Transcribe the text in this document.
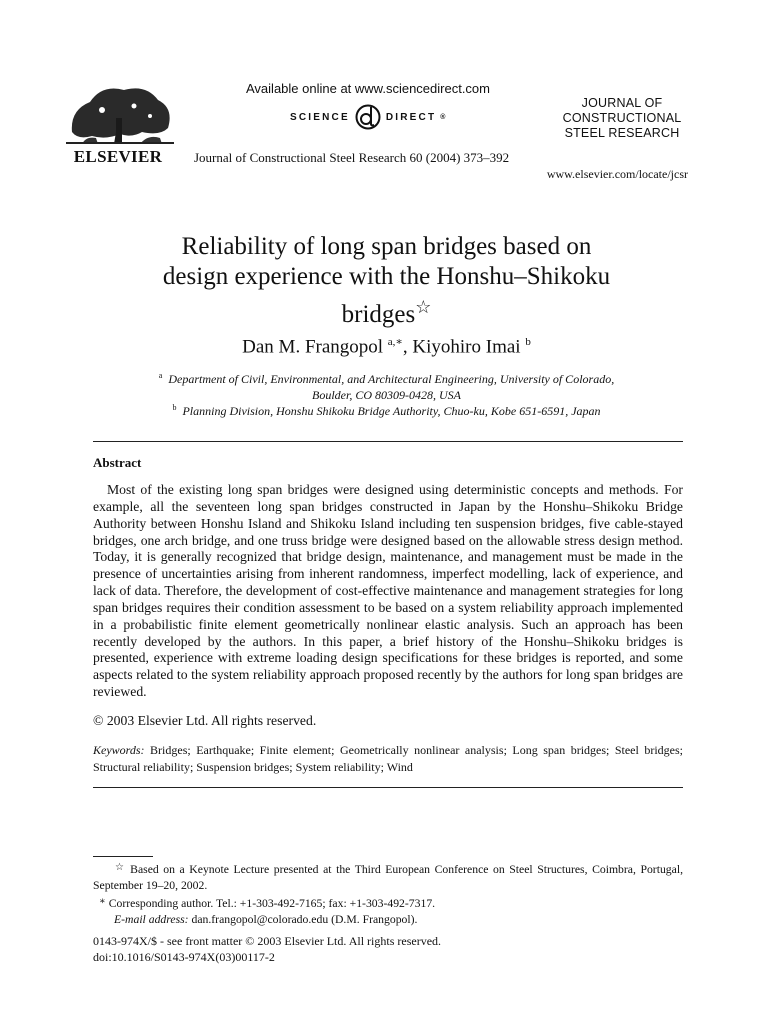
ELSEVIER
Available online at www.sciencedirect.com
SCIENCE	DIRECT ®
Journal of Constructional Steel Research 60 (2004) 373–392
JOURNAL OF
CONSTRUCTIONAL
STEEL RESEARCH
www.elsevier.com/locate/jcsr
Reliability of long span bridges based on
design experience with the Honshu–Shikoku
bridges☆
Dan M. Frangopol $^{a,∗}$, Kiyohiro Imai $^b$
$^a$ Department of Civil, Environmental, and Architectural Engineering, University of Colorado,
Boulder, CO 80309-0428, USA
$^b$ Planning Division, Honshu Shikoku Bridge Authority, Chuo-ku, Kobe 651-6591, Japan
Abstract

Most of the existing long span bridges were designed using deterministic concepts and methods. For example, all the seventeen long span bridges constructed in Japan by the Honshu–Shikoku Bridge Authority between Honshu Island and Shikoku Island including ten suspension bridges, five cable-stayed bridges, one arch bridge, and one truss bridge were designed based on the allowable stress design method. Today, it is generally recognized that bridge design, maintenance, and management must be made in the presence of uncertainties arising from inherent randomness, imperfect modelling, lack of experience, and lack of data. Therefore, the development of cost-effective maintenance and management strategies for long span bridges requires their condition assessment to be based on a system reliability approach implemented in a probabilistic finite element geometrically nonlinear elastic analysis. Such an approach has been recently developed by the authors. In this paper, a brief history of the Honshu–Shikoku bridges is presented, experience with extreme loading design specifications for these bridges is reported, and some aspects related to the system reliability approach proposed recently by the authors for long span bridges are reviewed.

© 2003 Elsevier Ltd. All rights reserved.
Keywords: Bridges; Earthquake; Finite element; Geometrically nonlinear analysis; Long span bridges; Steel bridges; Structural reliability; Suspension bridges; System reliability; Wind
☆ Based on a Keynote Lecture presented at the Third European Conference on Steel Structures, Coimbra, Portugal, September 19–20, 2002.
∗ Corresponding author. Tel.: +1-303-492-7165; fax: +1-303-492-7317.
E-mail address: dan.frangopol@colorado.edu (D.M. Frangopol).
0143-974X/$ - see front matter © 2003 Elsevier Ltd. All rights reserved.
doi:10.1016/S0143-974X(03)00117-2
